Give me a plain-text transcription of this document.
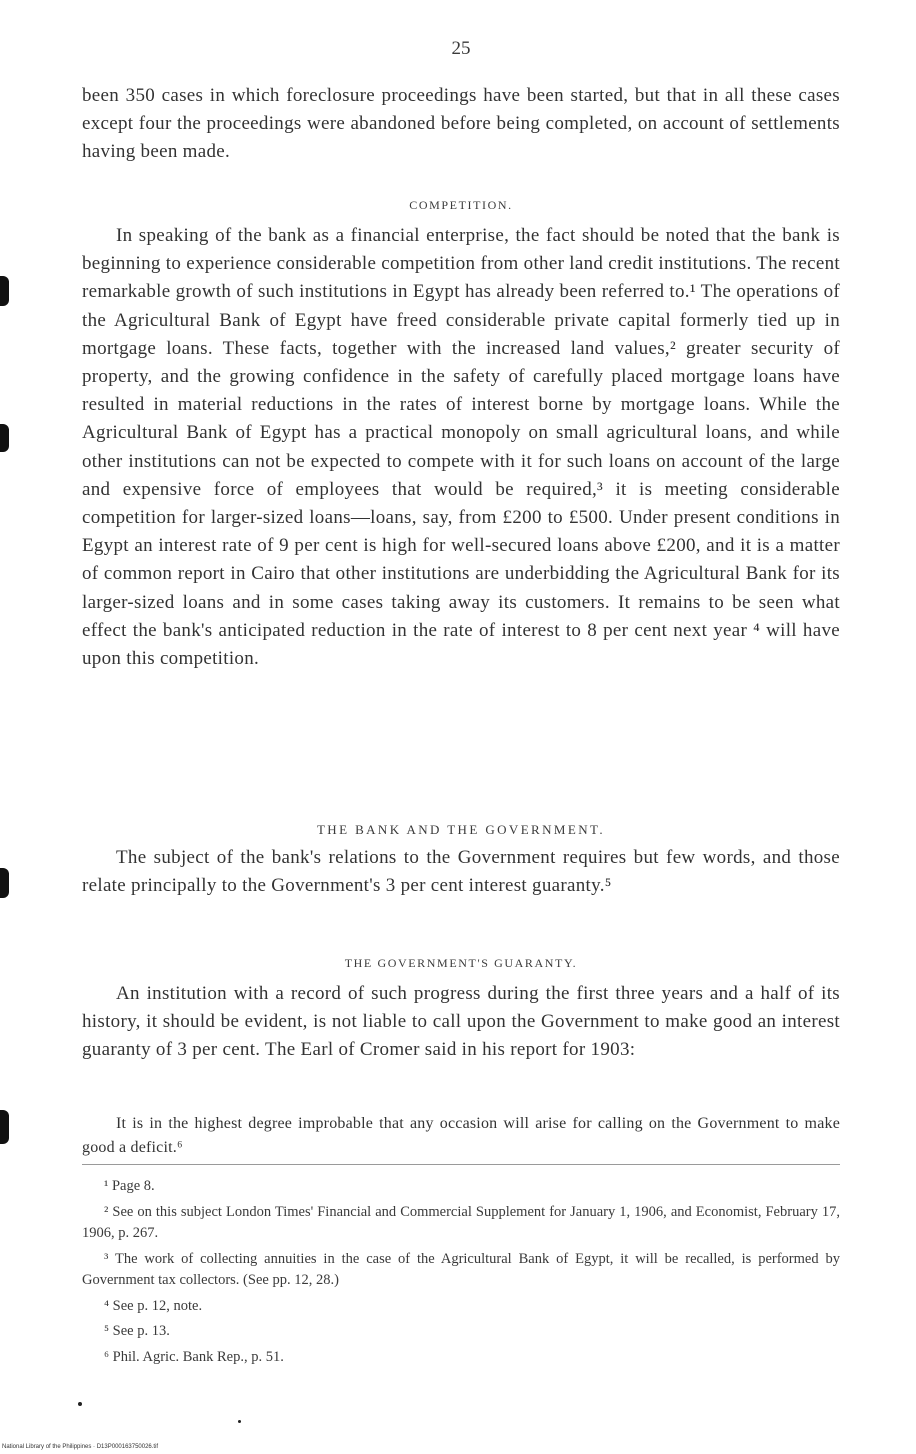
25

been 350 cases in which foreclosure proceedings have been started, but that in all these cases except four the proceedings were abandoned before being completed, on account of settlements having been made.

COMPETITION.

In speaking of the bank as a financial enterprise, the fact should be noted that the bank is beginning to experience considerable competition from other land credit institutions. The recent remarkable growth of such institutions in Egypt has already been referred to.¹ The operations of the Agricultural Bank of Egypt have freed considerable private capital formerly tied up in mortgage loans. These facts, together with the increased land values,² greater security of property, and the growing confidence in the safety of carefully placed mortgage loans have resulted in material reductions in the rates of interest borne by mortgage loans. While the Agricultural Bank of Egypt has a practical monopoly on small agricultural loans, and while other institutions can not be expected to compete with it for such loans on account of the large and expensive force of employees that would be required,³ it is meeting considerable competition for larger-sized loans—loans, say, from £200 to £500. Under present conditions in Egypt an interest rate of 9 per cent is high for well-secured loans above £200, and it is a matter of common report in Cairo that other institutions are underbidding the Agricultural Bank for its larger-sized loans and in some cases taking away its customers. It remains to be seen what effect the bank's anticipated reduction in the rate of interest to 8 per cent next year ⁴ will have upon this competition.

THE BANK AND THE GOVERNMENT.

The subject of the bank's relations to the Government requires but few words, and those relate principally to the Government's 3 per cent interest guaranty.⁵

THE GOVERNMENT'S GUARANTY.

An institution with a record of such progress during the first three years and a half of its history, it should be evident, is not liable to call upon the Government to make good an interest guaranty of 3 per cent. The Earl of Cromer said in his report for 1903:

It is in the highest degree improbable that any occasion will arise for calling on the Government to make good a deficit.⁶

¹ Page 8.

² See on this subject London Times' Financial and Commercial Supplement for January 1, 1906, and Economist, February 17, 1906, p. 267.

³ The work of collecting annuities in the case of the Agricultural Bank of Egypt, it will be recalled, is performed by Government tax collectors. (See pp. 12, 28.)

⁴ See p. 12, note.

⁵ See p. 13.

⁶ Phil. Agric. Bank Rep., p. 51.

National Library of the Philippines · D13P000163750026.tif
